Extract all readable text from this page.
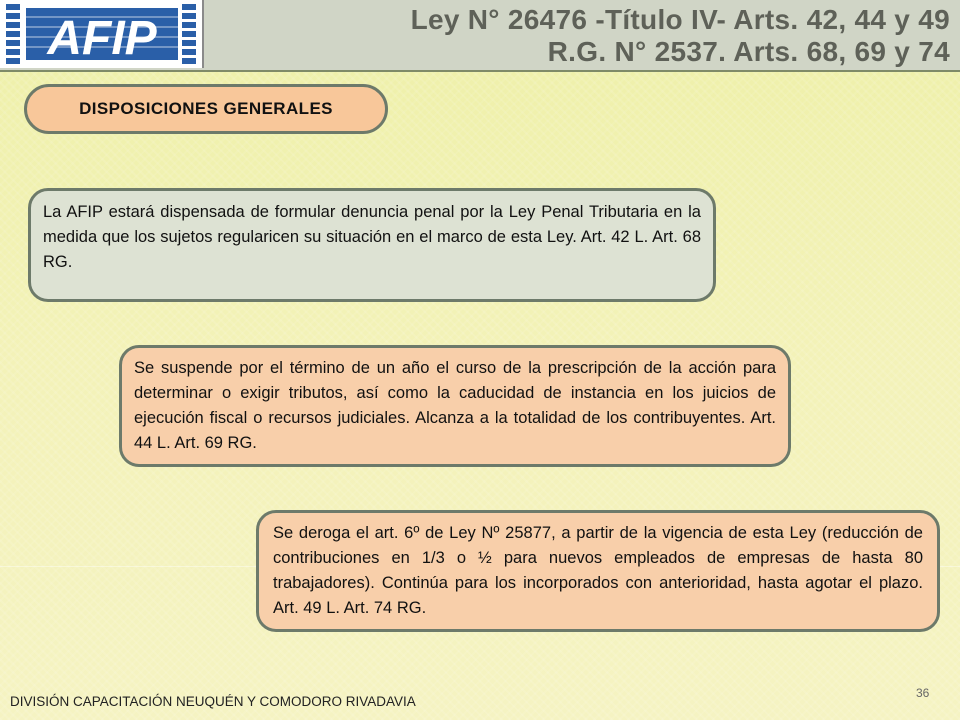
AFIP	Ley N° 26476 -Título IV- Arts. 42, 44 y 49
R.G. N° 2537. Arts. 68, 69 y 74
DISPOSICIONES GENERALES
La AFIP estará dispensada de formular denuncia penal por la Ley Penal Tributaria en la medida que los sujetos regularicen su situación en el marco de esta Ley. Art. 42 L. Art. 68 RG.
Se suspende por el término de un año el curso de la prescripción de la acción para determinar o exigir tributos, así como la caducidad de instancia en los juicios de ejecución fiscal o recursos judiciales. Alcanza a la totalidad de los contribuyentes. Art. 44 L. Art. 69 RG.
Se deroga el art. 6º de Ley Nº 25877, a partir de la vigencia de esta Ley (reducción de contribuciones en 1/3 o ½ para nuevos empleados de empresas de hasta 80 trabajadores). Continúa para los incorporados con anterioridad, hasta agotar el plazo. Art. 49 L. Art. 74 RG.
DIVISIÓN CAPACITACIÓN NEUQUÉN Y COMODORO RIVADAVIA
36
